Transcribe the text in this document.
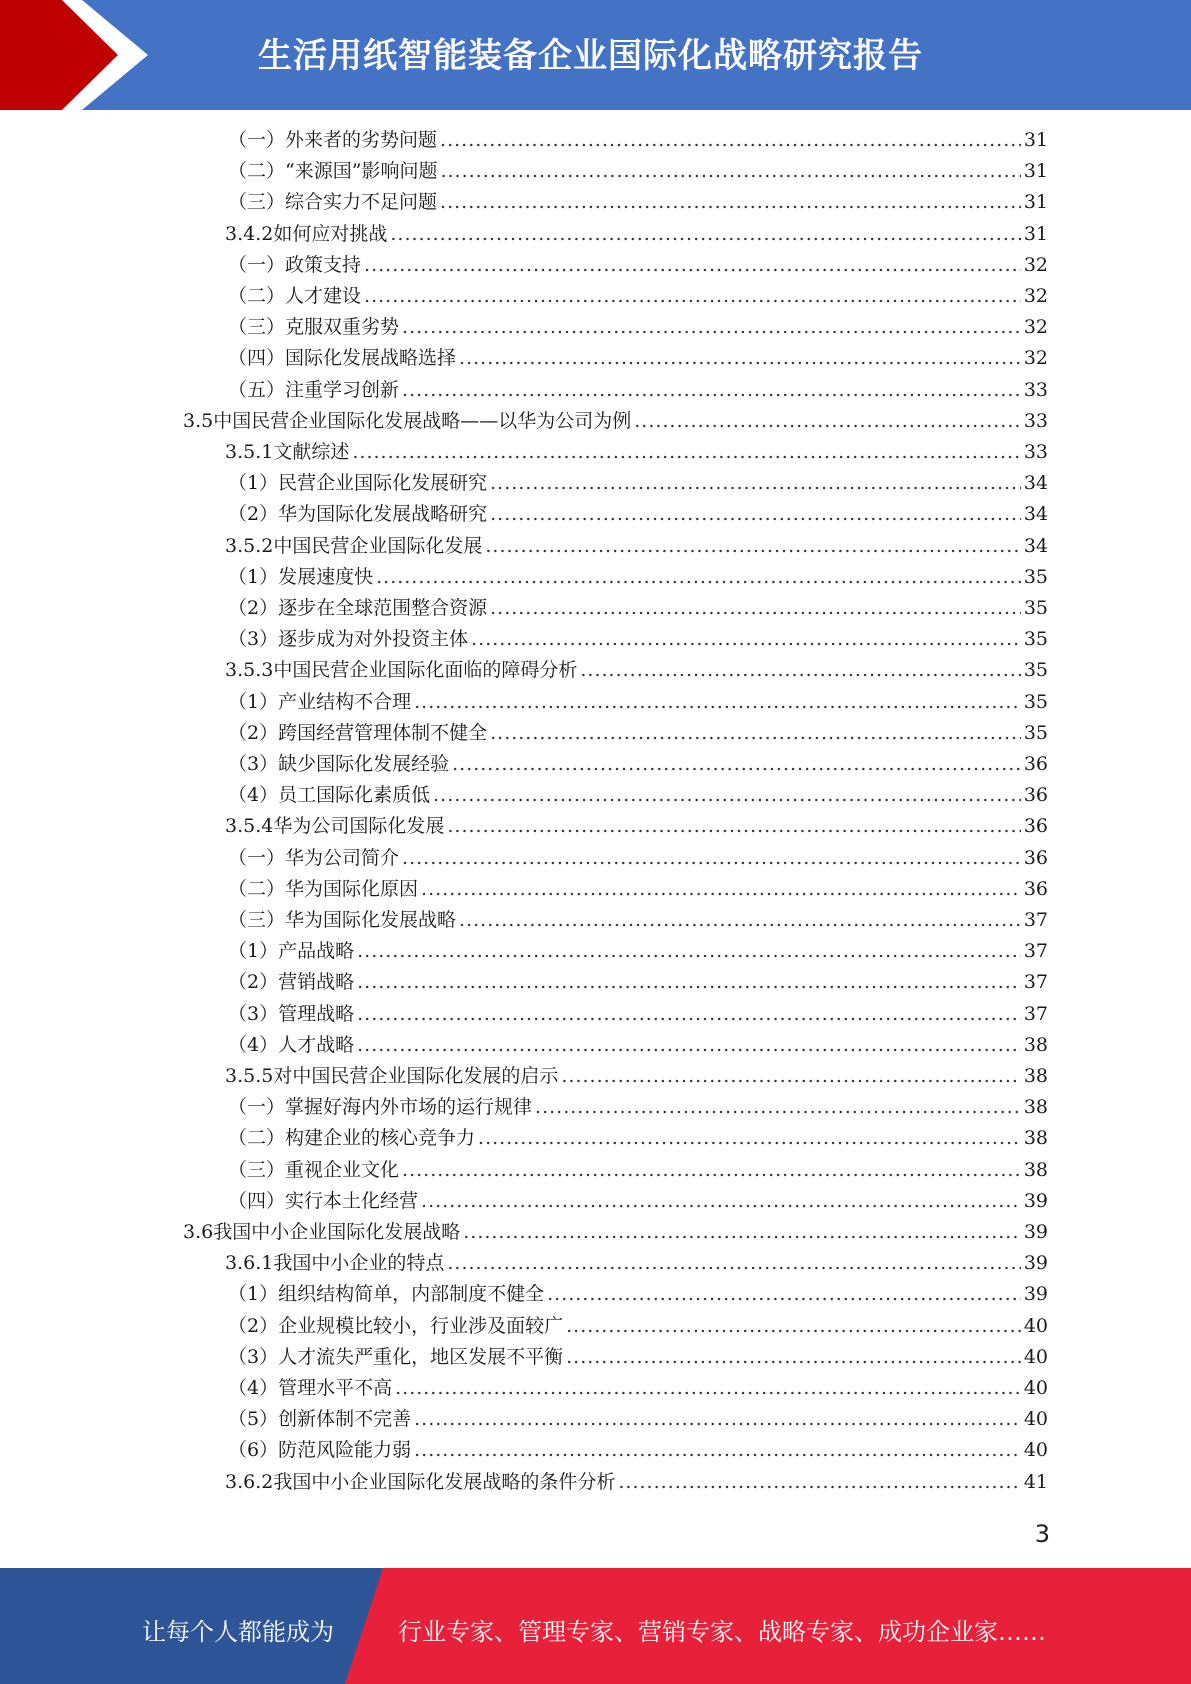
生活用纸智能装备企业国际化战略研究报告
（一） 外来者的劣势问题 .....	31
（二） “来源国”影响问题 .....	31
（三） 综合实力不足问题 .....	31
3.4.2 如何应对挑战 .....	31
（一） 政策支持 .....	32
（二） 人才建设 .....	32
（三） 克服双重劣势 .....	32
（四） 国际化发展战略选择 .....	32
（五） 注重学习创新 .....	33
3.5 中国民营企业国际化发展战略——以华为公司为例 .....	33
3.5.1 文献综述 .....	33
（1） 民营企业国际化发展研究 .....	34
（2） 华为国际化发展战略研究 .....	34
3.5.2 中国民营企业国际化发展 .....	34
（1） 发展速度快 .....	35
（2） 逐步在全球范围整合资源 .....	35
（3） 逐步成为对外投资主体 .....	35
3.5.3 中国民营企业国际化面临的障碍分析 .....	35
（1） 产业结构不合理 .....	35
（2） 跨国经营管理体制不健全 .....	35
（3） 缺少国际化发展经验 .....	36
（4） 员工国际化素质低 .....	36
3.5.4 华为公司国际化发展 .....	36
（一） 华为公司简介 .....	36
（二） 华为国际化原因 .....	36
（三） 华为国际化发展战略 .....	37
（1） 产品战略 .....	37
（2） 营销战略 .....	37
（3） 管理战略 .....	37
（4） 人才战略 .....	38
3.5.5 对中国民营企业国际化发展的启示 .....	38
（一） 掌握好海内外市场的运行规律 .....	38
（二） 构建企业的核心竞争力 .....	38
（三） 重视企业文化 .....	38
（四） 实行本土化经营 .....	39
3.6 我国中小企业国际化发展战略 .....	39
3.6.1 我国中小企业的特点 .....	39
（1） 组织结构简单，内部制度不健全 .....	39
（2） 企业规模比较小，行业涉及面较广 .....	40
（3） 人才流失严重化，地区发展不平衡 .....	40
（4） 管理水平不高 .....	40
（5） 创新体制不完善 .....	40
（6） 防范风险能力弱 .....	40
3.6.2 我国中小企业国际化发展战略的条件分析 .....	41
3
让每个人都能成为	行业专家、管理专家、营销专家、战略专家、成功企业家……
